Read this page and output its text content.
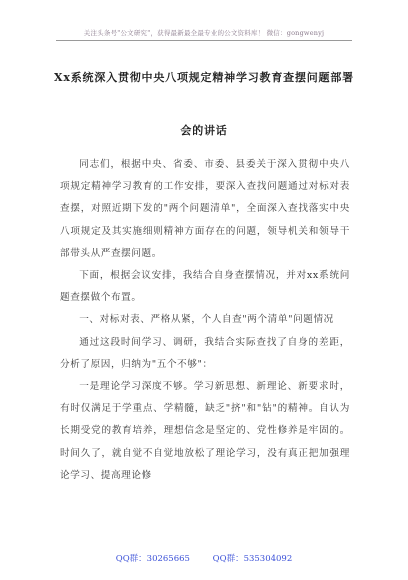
关注头条号"公文研究"，获得最新最全最专业的公文资料库！ 微信：gongwenyj
Xx系统深入贯彻中央八项规定精神学习教育查摆问题部署
会的讲话

同志们，根据中央、省委、市委、县委关于深入贯彻中央八项规定精神学习教育的工作安排，要深入查找问题通过对标对表查摆，对照近期下发的"两个问题清单"，全面深入查找落实中央八项规定及其实施细则精神方面存在的问题，领导机关和领导干部带头从严查摆问题。

下面，根据会议安排，我结合自身查摆情况，并对xx系统问题查摆做个布置。

一、对标对表、严格从紧，个人自查"两个清单"问题情况

通过这段时间学习、调研，我结合实际查找了自身的差距，分析了原因，归纳为"五个不够"：

一是理论学习深度不够。学习新思想、新理论、新要求时，有时仅满足于学重点、学精髓，缺乏"挤"和"钻"的精神。自认为长期受党的教育培养，理想信念是坚定的、党性修养是牢固的。时间久了，就自觉不自觉地放松了理论学习，没有真正把加强理论学习、提高理论修

QQ群：30265665	QQ群：535304092
